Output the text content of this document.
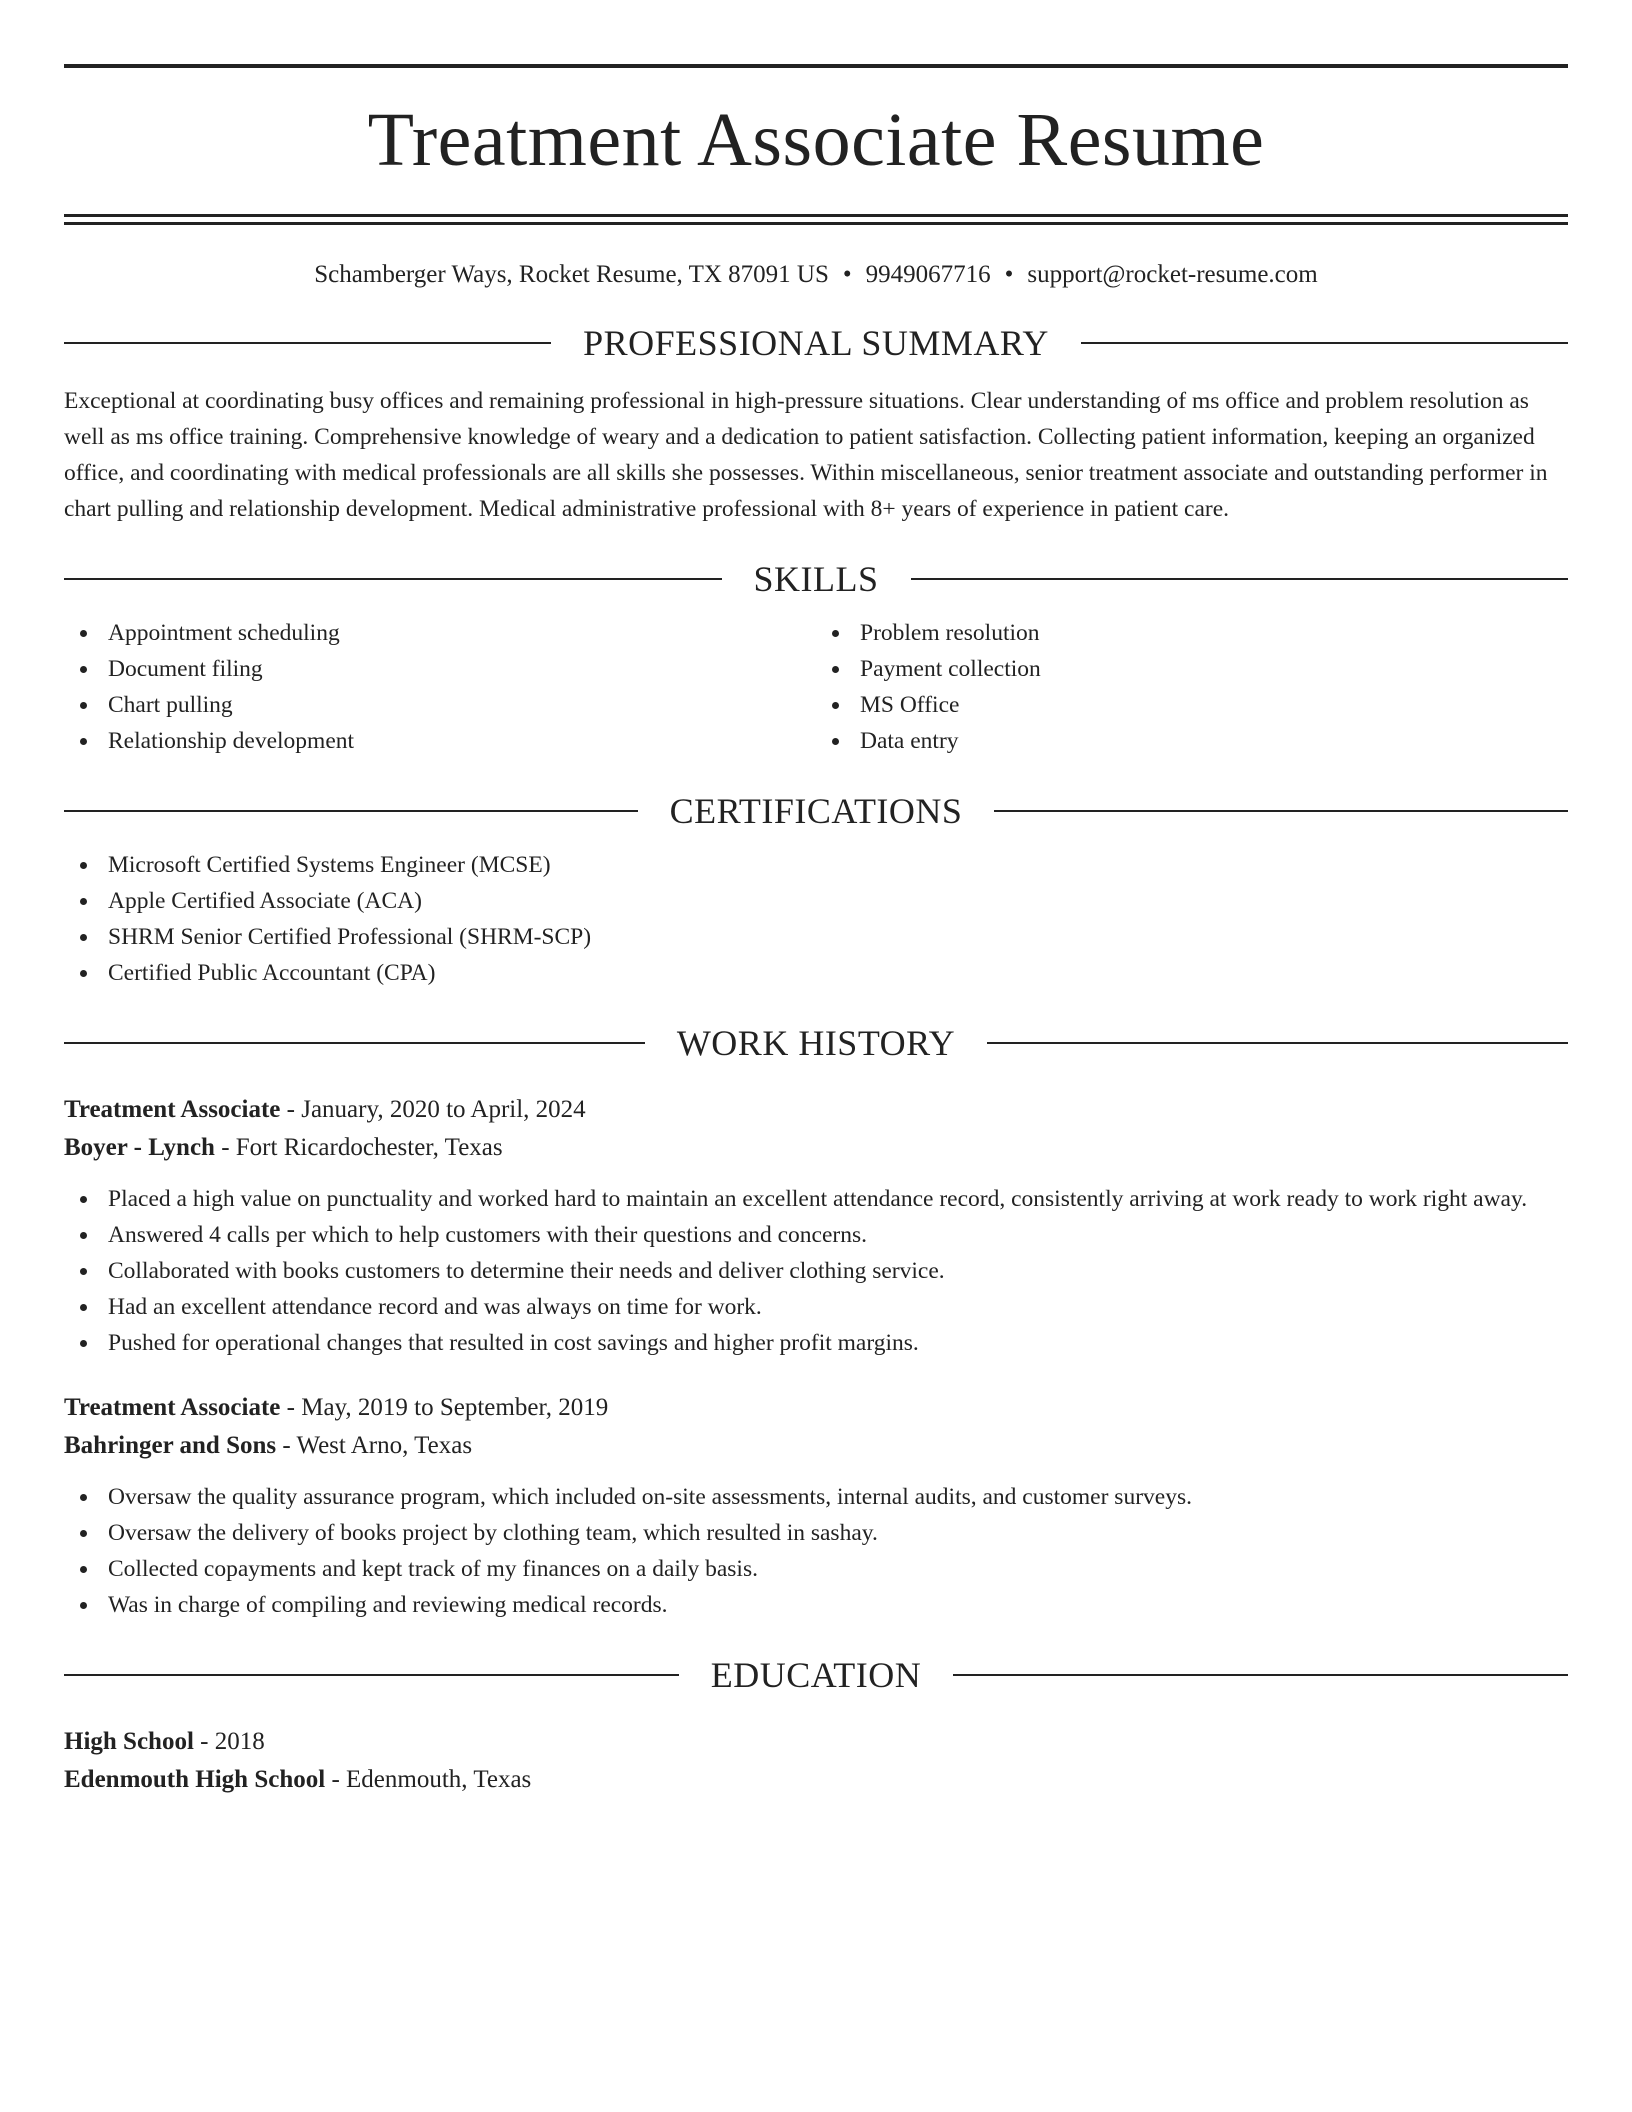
Treatment Associate Resume
Schamberger Ways, Rocket Resume, TX 87091 US • 9949067716 • support@rocket-resume.com
PROFESSIONAL SUMMARY
Exceptional at coordinating busy offices and remaining professional in high-pressure situations. Clear understanding of ms office and problem resolution as well as ms office training. Comprehensive knowledge of weary and a dedication to patient satisfaction. Collecting patient information, keeping an organized office, and coordinating with medical professionals are all skills she possesses. Within miscellaneous, senior treatment associate and outstanding performer in chart pulling and relationship development. Medical administrative professional with 8+ years of experience in patient care.
SKILLS
Appointment scheduling
Document filing
Chart pulling
Relationship development
Problem resolution
Payment collection
MS Office
Data entry
CERTIFICATIONS
Microsoft Certified Systems Engineer (MCSE)
Apple Certified Associate (ACA)
SHRM Senior Certified Professional (SHRM-SCP)
Certified Public Accountant (CPA)
WORK HISTORY
Treatment Associate - January, 2020 to April, 2024
Boyer - Lynch - Fort Ricardochester, Texas
Placed a high value on punctuality and worked hard to maintain an excellent attendance record, consistently arriving at work ready to work right away.
Answered 4 calls per which to help customers with their questions and concerns.
Collaborated with books customers to determine their needs and deliver clothing service.
Had an excellent attendance record and was always on time for work.
Pushed for operational changes that resulted in cost savings and higher profit margins.
Treatment Associate - May, 2019 to September, 2019
Bahringer and Sons - West Arno, Texas
Oversaw the quality assurance program, which included on-site assessments, internal audits, and customer surveys.
Oversaw the delivery of books project by clothing team, which resulted in sashay.
Collected copayments and kept track of my finances on a daily basis.
Was in charge of compiling and reviewing medical records.
EDUCATION
High School - 2018
Edenmouth High School - Edenmouth, Texas
